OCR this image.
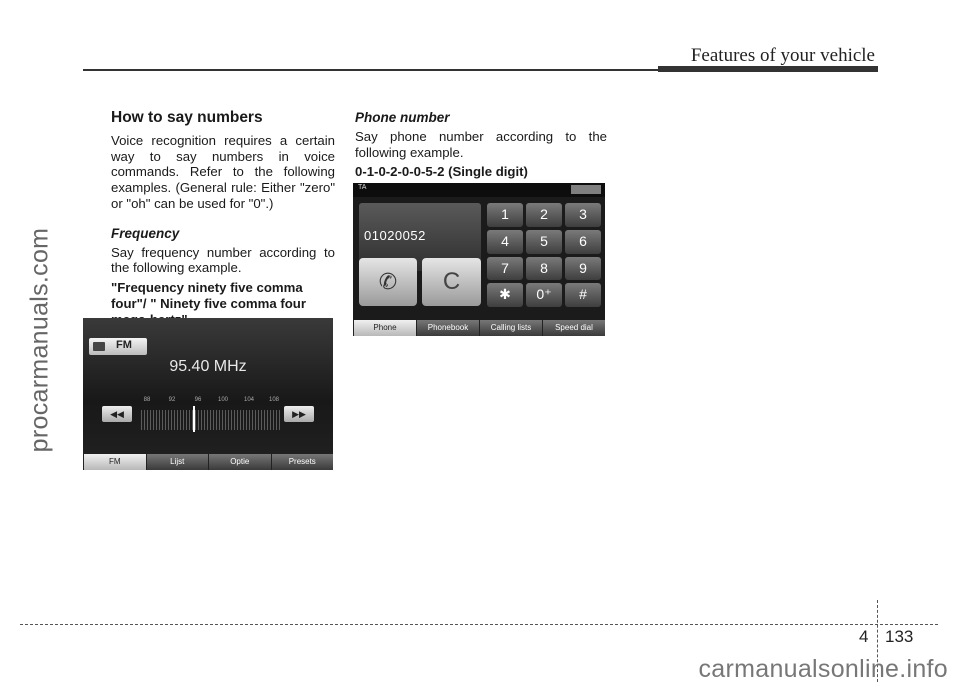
procarmanuals.com
Features of your vehicle
How to say numbers

Voice recognition requires a certain way to say numbers in voice commands. Refer to the following examples. (General rule: Either "zero" or "oh" can be used for "0".)

Frequency

Say frequency number according to the following example.

"Frequency ninety five comma four"/ " Ninety five comma four

Phone number

Say phone number according to the following example.

0-1-0-2-0-0-5-2 (Single digit)

FM
95.40 MHz
◀◀	▶▶
88	92	96	100	104 108
FM	Lijst	Optie	Presets
TA
01020052
✆	C
1	2	3
4	5	6
7	8	9
✱	0⁺	#
Phone	Phonebook	Calling lists	Speed dial
4 133
carmanualsonline.info
